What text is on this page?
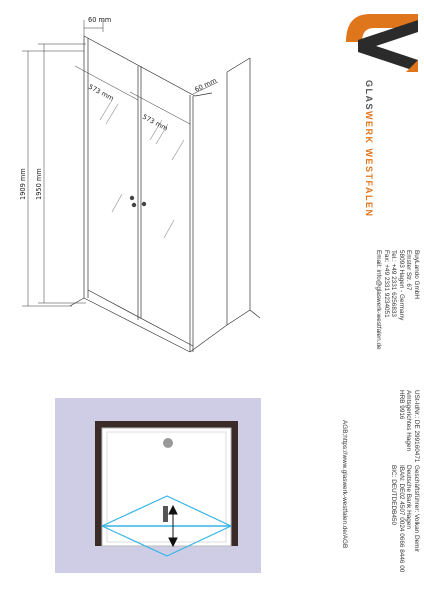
60 mm
573 mm
573 mm
60 mm
1950 mm
1909 mm
GLASWERK WESTFALEN
BuyLando GmbH
Emster Str. 67
58093 Hagen - Germany
Tel.: +49 2331 6256833
Fax: +49 2331 9234051
Email: info@glaswerk-westfalen.de
USt-IdNr.: DE 299160471
Amtsgerichtes Hagen
HRB 9916
Geschäftsführer: Volkan Demir
Deutsche Bank Hagen
IBAN: DE02 4507 0024 0666 8446 00
BIC: DEUTDEDB450
AGB:https://www.glaswerk-westfalen.de/AGB
